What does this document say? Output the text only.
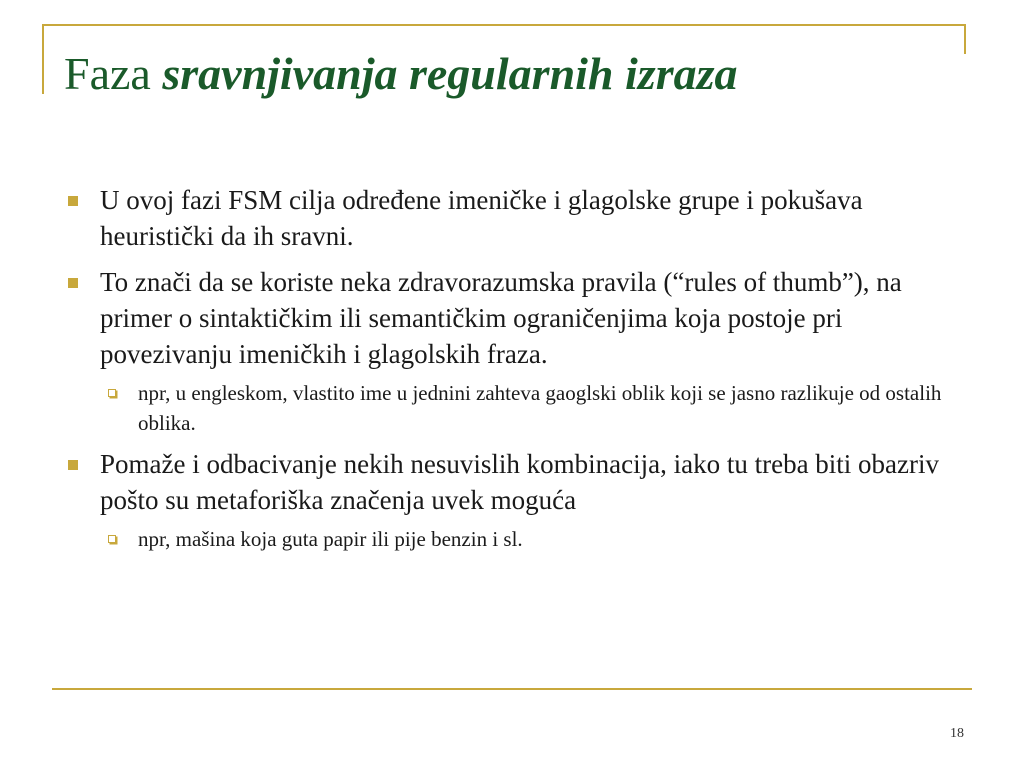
Faza sravnjivanja regularnih izraza
U ovoj fazi FSM cilja određene imeničke i glagolske grupe i pokušava heuristički da ih sravni.
To znači da se koriste neka zdravorazumska pravila (“rules of thumb”), na primer o sintaktičkim ili semantičkim ograničenjima koja postoje pri povezivanju imeničkih i glagolskih fraza.
npr, u engleskom, vlastito ime u jednini zahteva gaoglski oblik koji se jasno razlikuje od ostalih oblika.
Pomaže i odbacivanje nekih nesuvislih kombinacija, iako tu treba biti obazriv pošto su metaforiška značenja uvek moguća
npr, mašina koja guta papir ili pije benzin i sl.
18
